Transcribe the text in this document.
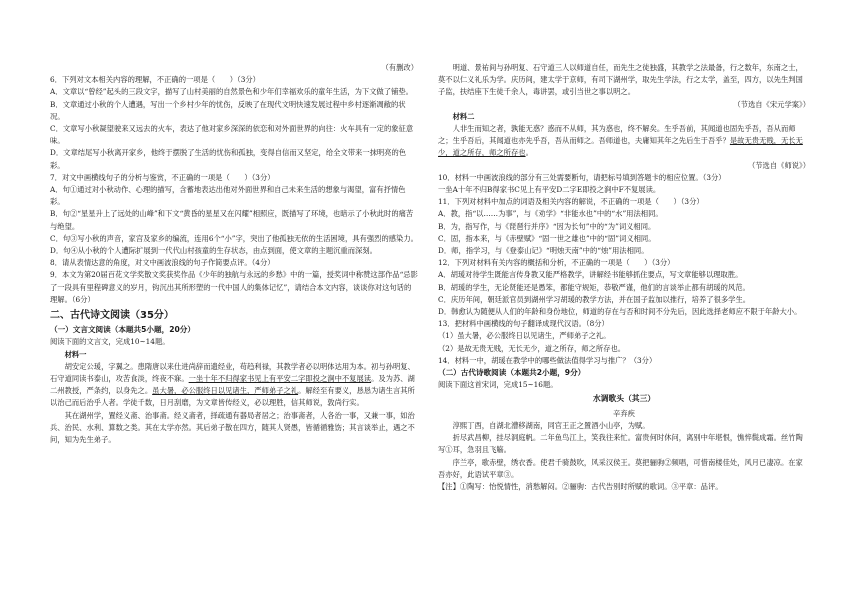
（有删改）

6．下列对文本相关内容的理解，不正确的一项是（　　）（3分）

A．文章以“曾经”起头的三段文字，描写了山村美丽的自然景色和少年们幸福欢乐的童年生活，为下文做了铺垫。

B．文章通过小秋的个人遭遇，写出一个乡村少年的忧伤，反映了在现代文明快速发展过程中乡村逐渐凋敝的状况。

C．文章写小秋凝望驶来又远去的火车，表达了他对家乡深深的依恋和对外面世界的向往：火车具有一定的象征意味。

D．文章结尾写小秋离开家乡，他终于摆脱了生活的忧伤和孤独，变得自信而又坚定，给全文带来一抹明亮的色彩。

7．对文中画横线句子的分析与鉴赏，不正确的一项是（　　）（3分）

A．句①通过对小秋动作、心理的描写，含蓄地表达出他对外面世界和自己未来生活的想象与渴望，富有抒情色彩。

B．句②“星星升上了远处的山峰”和下文“黄昏的星星又在闪耀”相照应，既描写了环境，也暗示了小秋此时的痛苦与绝望。

C．句③写小秋的声音，家宫及家乡的编流，连用6个“小”字，突出了他孤独无依的生活困境，具有强烈的感染力。

D．句④从小秋的个人遭际扩展到一代代山村孩童的生存状态，由点到面，使文章的主题沉重而深刻。

8．请从表情达意的角度，对文中画波浪线的句子作简要点评。（4分）

9．本文为第20届百花文学奖散文奖获奖作品《少年的独航与永远的乡愁》中的一篇，授奖词中称赞这部作品“忌影了一段具有里程碑意义的岁月，钩沉出其所形塑的一代中国人的集体记忆”，请结合本文内容，谈谈你对这句话的理解。（6分）

二、古代诗文阅读（35分）
（一）文言文阅读（本题共5小题，20分）

阅读下面的文言文，完成10~14题。

材料一

胡安定公瑗，字翼之。患隋唐以来仕进尚辞而遗经业，苟趋利禄，其教学者必以明体达用为本。初与孙明复、石守道同读书泰山，攻苦食淡，终夜不寐。一坐十年不归得家书见上有平安二字即投之涧中不复展读。及为苏、湖二州教授，严条约，以身先之。虽大暑，必公服终日以见诸生，严师弟子之礼。解经至有要义，恳恳为诸生言其所以治己而后治乎人者。学徒千数，日月刮磨，为文章皆传经义，必以理胜，信其师说，敦尚行实。

其在湖州学，置经义斋、治事斋。经义斋者，择疏通有器局者居之；治事斋者，人各治一事，又兼一事，如治兵、治民、水利、算数之类。其在太学亦然。其后弟子散在四方，随其人贤愚，皆循循雅饬；其言谈举止，遇之不问，知为先生弟子。

明道、景祐间与孙明复、石守道三人以师道自任，而先生之徒独盛，其教学之法最备，行之数年，东南之士，莫不以仁义礼乐为学。庆历间，建太学于京师，有司下湖州学，取先生学法，行之太学，盖至，四方，以先生判国子监，扶结座下生徒千余人，毒讲罢，或引当世之事以明之。

（节选自《宋元学案》）

材料二

人非生而知之者，孰能无惑？惑而不从师，其为惑也，终不解矣。生乎吾前，其闻道也固先乎吾，吾从而师之；生乎吾后，其闻道也亦先乎吾，吾从而师之。吾师道也，夫庸知其年之先后生于吾乎？是故无贵无贱，无长无少，道之所存，师之所存也。

（节选自《师说》）

10．材料一中画波浪线的部分有三处需要断句，请把标号填到答题卡的相应位置。（3分）

一坐A十年不归B得家书C见上有平安D二字E即投之涧中F不复展读。

11．下列对材料中加点的词语及相关内容的解说，不正确的一项是（　　）（3分）

A．教，指“以……为事”，与《劝学》“非能水也”中的“水”用法相同。

B．为，指写作，与《琵琶行并序》“因为长句”中的“为”词义相同。

C．固，指本来，与《赤壁赋》“固一世之雄也”中的“固”词义相同。

D．师，指学习，与《登泰山记》“明烛天南”中的“烛”用法相同。

12．下列对材料有关内容的概括和分析，不正确的一项是（　　）（3分）

A．胡瑗对待学生既能言传身教又能严格教学，讲解经书能够抓住要点，写文章能够以理取胜。

B．胡瑗的学生，无论贤能还是愚笨，都能守规矩，恭敬严谨，他们的言谈举止都有胡瑗的风范。

C．庆历年间，朝廷派官员到湖州学习胡瑗的教学方法，并在国子监加以推行，培养了很多学生。

D．韩愈认为随便从人们的年龄和身份地位，师道的存在与否和时间不分先后，因此选择老师应不限于年龄大小。

13．把材料中画横线的句子翻译成现代汉语。（8分）

（1）虽大暑，必公服终日以见诸生，严师弟子之礼。

（2）是故无贵无贱，无长无少，道之所存，师之所存也。

14．材料一中，胡瑗在教学中的哪些做法值得学习与推广？（3分）

（二）古代诗歌阅读（本题共2小题，9分）

阅读下面这首宋词，完成15~16题。

水调歌头（其三）
辛弃疾

淳熙丁酉，自湖北漕移湖南，同官王正之置酒小山亭，为赋。

折尽武昌柳，挂尽洞庭帆。二年鱼鸟江上，笑我往来忙。富贵何时休问，离别中年堪恨，憔悴鬓成霜。丝竹陶写①耳，急羽且飞觞。

序兰亭，歌赤壁，绣衣香。使君千骑鼓吹，风采汉侯王。莫把骊驹②频唱，可惜南楼佳处，风月已凄凉。在家吾亦好，此语试平章③。

【注】①陶写：怡悦情性，消愁解闷。②骊驹：古代告别时所赋的歌词。③平章：品评。
